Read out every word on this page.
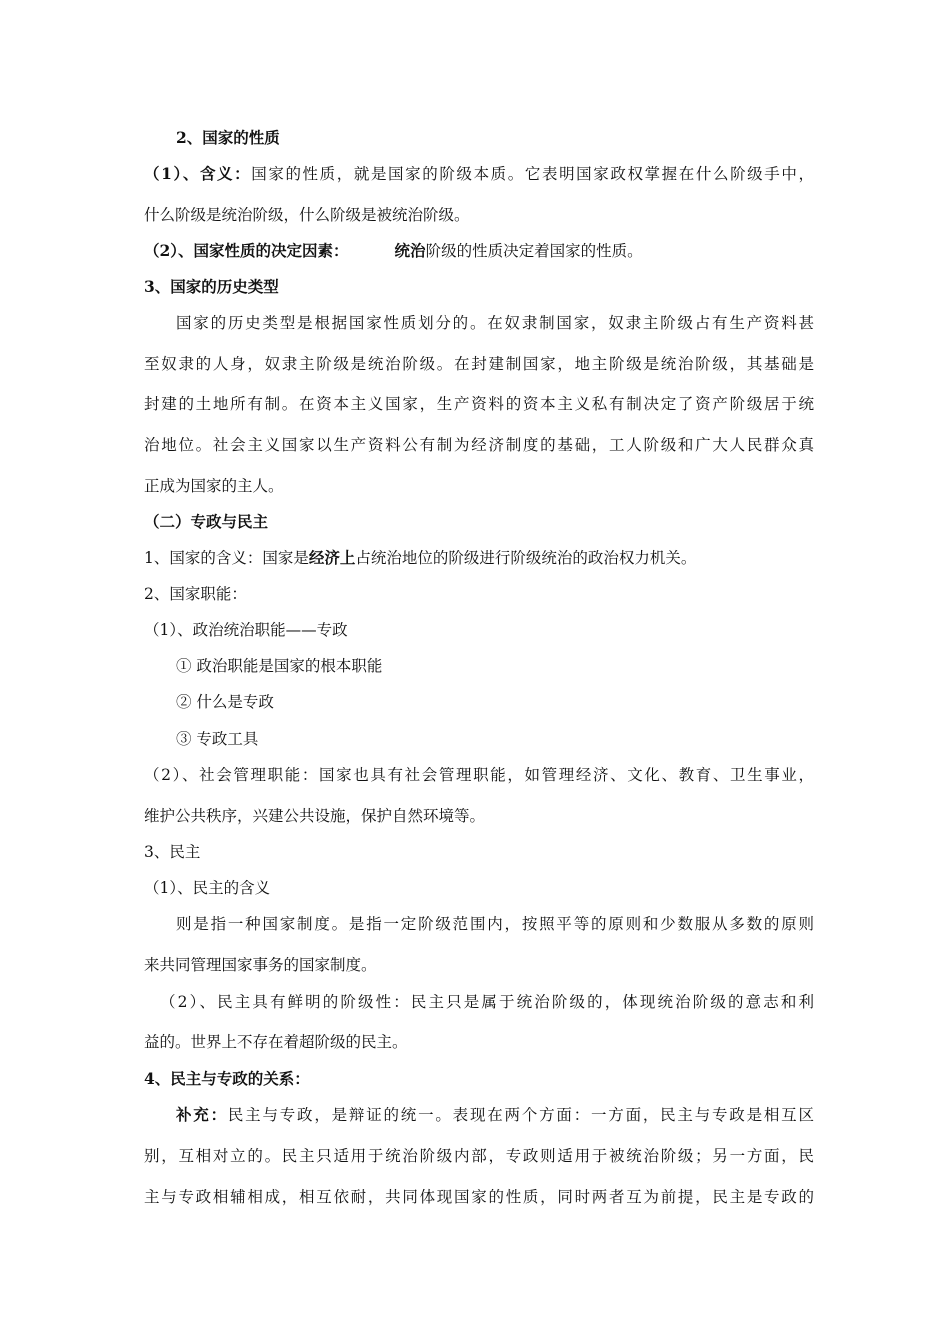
2、国家的性质
（1）、含义：国家的性质，就是国家的阶级本质。它表明国家政权掌握在什么阶级手中，
什么阶级是统治阶级，什么阶级是被统治阶级。
（2）、国家性质的决定因素：	统治阶级的性质决定着国家的性质。
3、国家的历史类型
国家的历史类型是根据国家性质划分的。在奴隶制国家，奴隶主阶级占有生产资料甚
至奴隶的人身，奴隶主阶级是统治阶级。在封建制国家，地主阶级是统治阶级，其基础是
封建的土地所有制。在资本主义国家，生产资料的资本主义私有制决定了资产阶级居于统
治地位。社会主义国家以生产资料公有制为经济制度的基础，工人阶级和广大人民群众真
正成为国家的主人。
（二）专政与民主
1、国家的含义：国家是经济上占统治地位的阶级进行阶级统治的政治权力机关。
2、国家职能：
（1）、政治统治职能——专政
① 政治职能是国家的根本职能
② 什么是专政
③ 专政工具
（2）、社会管理职能：国家也具有社会管理职能，如管理经济、文化、教育、卫生事业，
维护公共秩序，兴建公共设施，保护自然环境等。
3、民主
（1）、民主的含义
则是指一种国家制度。是指一定阶级范围内，按照平等的原则和少数服从多数的原则
来共同管理国家事务的国家制度。
（2）、民主具有鲜明的阶级性：民主只是属于统治阶级的，体现统治阶级的意志和利
益的。世界上不存在着超阶级的民主。
4、民主与专政的关系：
补充：民主与专政，是辩证的统一。表现在两个方面：一方面，民主与专政是相互区
别，互相对立的。民主只适用于统治阶级内部，专政则适用于被统治阶级；另一方面，民
主与专政相辅相成，相互依耐，共同体现国家的性质，同时两者互为前提，民主是专政的
